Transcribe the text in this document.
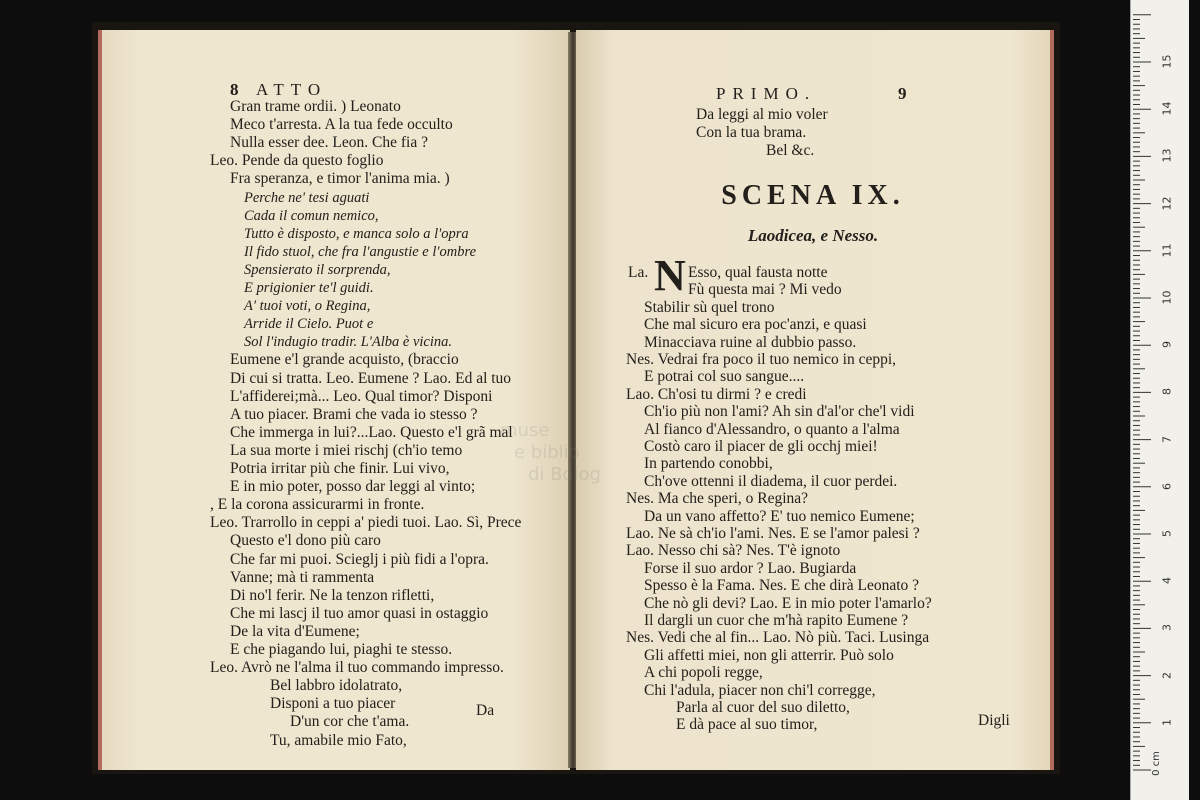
8 ATTO
Gran trame ordii. ) Leonato
Meco t'arresta. A la tua fede occulto
Nulla esser dee. Leon. Che fia ?
Leo. Pende da questo foglio
Fra speranza, e timor l'anima mia. )
Perche ne' tesi aguati
Cada il comun nemico,
Tutto è disposto, e manca solo a l'opra
Il fido stuol, che fra l'angustie e l'ombre
Spensierato il sorprenda,
E prigionier te'l guidi.
A' tuoi voti, o Regina,
Arride il Cielo. Puot e
Sol l'indugio tradir. L'Alba è vicina.
Eumene e'l grande acquisto, (braccio
Di cui si tratta. Leo. Eumene ? Lao. Ed al tuo
L'affiderei;mà... Leo. Qual timor? Disponi
A tuo piacer. Brami che vada io stesso ?
Che immerga in lui?...Lao. Questo e'l grã mal
La sua morte i miei rischj (ch'io temo
Potria irritar più che finir. Lui vivo,
E in mio poter, posso dar leggi al vinto;
, E la corona assicurarmi in fronte.
Leo. Trarrollo in ceppi a' piedi tuoi. Lao. Sì, Prece
Questo e'l dono più caro
Che far mi puoi. Scieglj i più fidi a l'opra.
Vanne; mà ti rammenta
Di no'l ferir. Ne la tenzon rifletti,
Che mi lascj il tuo amor quasi in ostaggio
De la vita d'Eumene;
E che piagando lui, piaghi te stesso.
Leo. Avrò ne l'alma il tuo commando impresso.
Bel labbro idolatrato,
Disponi a tuo piacer
D'un cor che t'ama.
Tu, amabile mio Fato,
Da
PRIMO.	9
Da leggi al mio voler
Con la tua brama.
Bel &c.
SCENA IX.
Laodicea, e Nesso.
La. N Esso, qual fausta notte
Fù questa mai ? Mi vedo
Stabilir sù quel trono
Che mal sicuro era poc'anzi, e quasi
Minacciava ruine al dubbio passo.
Nes. Vedrai fra poco il tuo nemico in ceppi,
E potrai col suo sangue....
Lao. Ch'osi tu dirmi ? e credi
Ch'io più non l'ami? Ah sin d'al'or che'l vidi
Al fianco d'Alessandro, o quanto a l'alma
Costò caro il piacer de gli occhj miei!
In partendo conobbi,
Ch'ove ottenni il diadema, il cuor perdei.
Nes. Ma che speri, o Regina?
Da un vano affetto? E' tuo nemico Eumene;
Lao. Ne sà ch'io l'ami. Nes. E se l'amor palesi ?
Lao. Nesso chi sà? Nes. T'è ignoto
Forse il suo ardor ? Lao. Bugiarda
Spesso è la Fama. Nes. E che dirà Leonato ?
Che nò gli devi? Lao. E in mio poter l'amarlo?
Il dargli un cuor che m'hà rapito Eumene ?
Nes. Vedi che al fin... Lao. Nò più. Taci. Lusinga
Gli affetti miei, non gli atterrir. Può solo
A chi popoli regge,
Chi l'adula, piacer non chi'l corregge,
Parla al cuor del suo diletto,
E dà pace al suo timor,	Digli
muse
e biblio
di Bolog
1
2
3
4
5
6
7
8
9
10
11
12
13
14
15
0 cm
